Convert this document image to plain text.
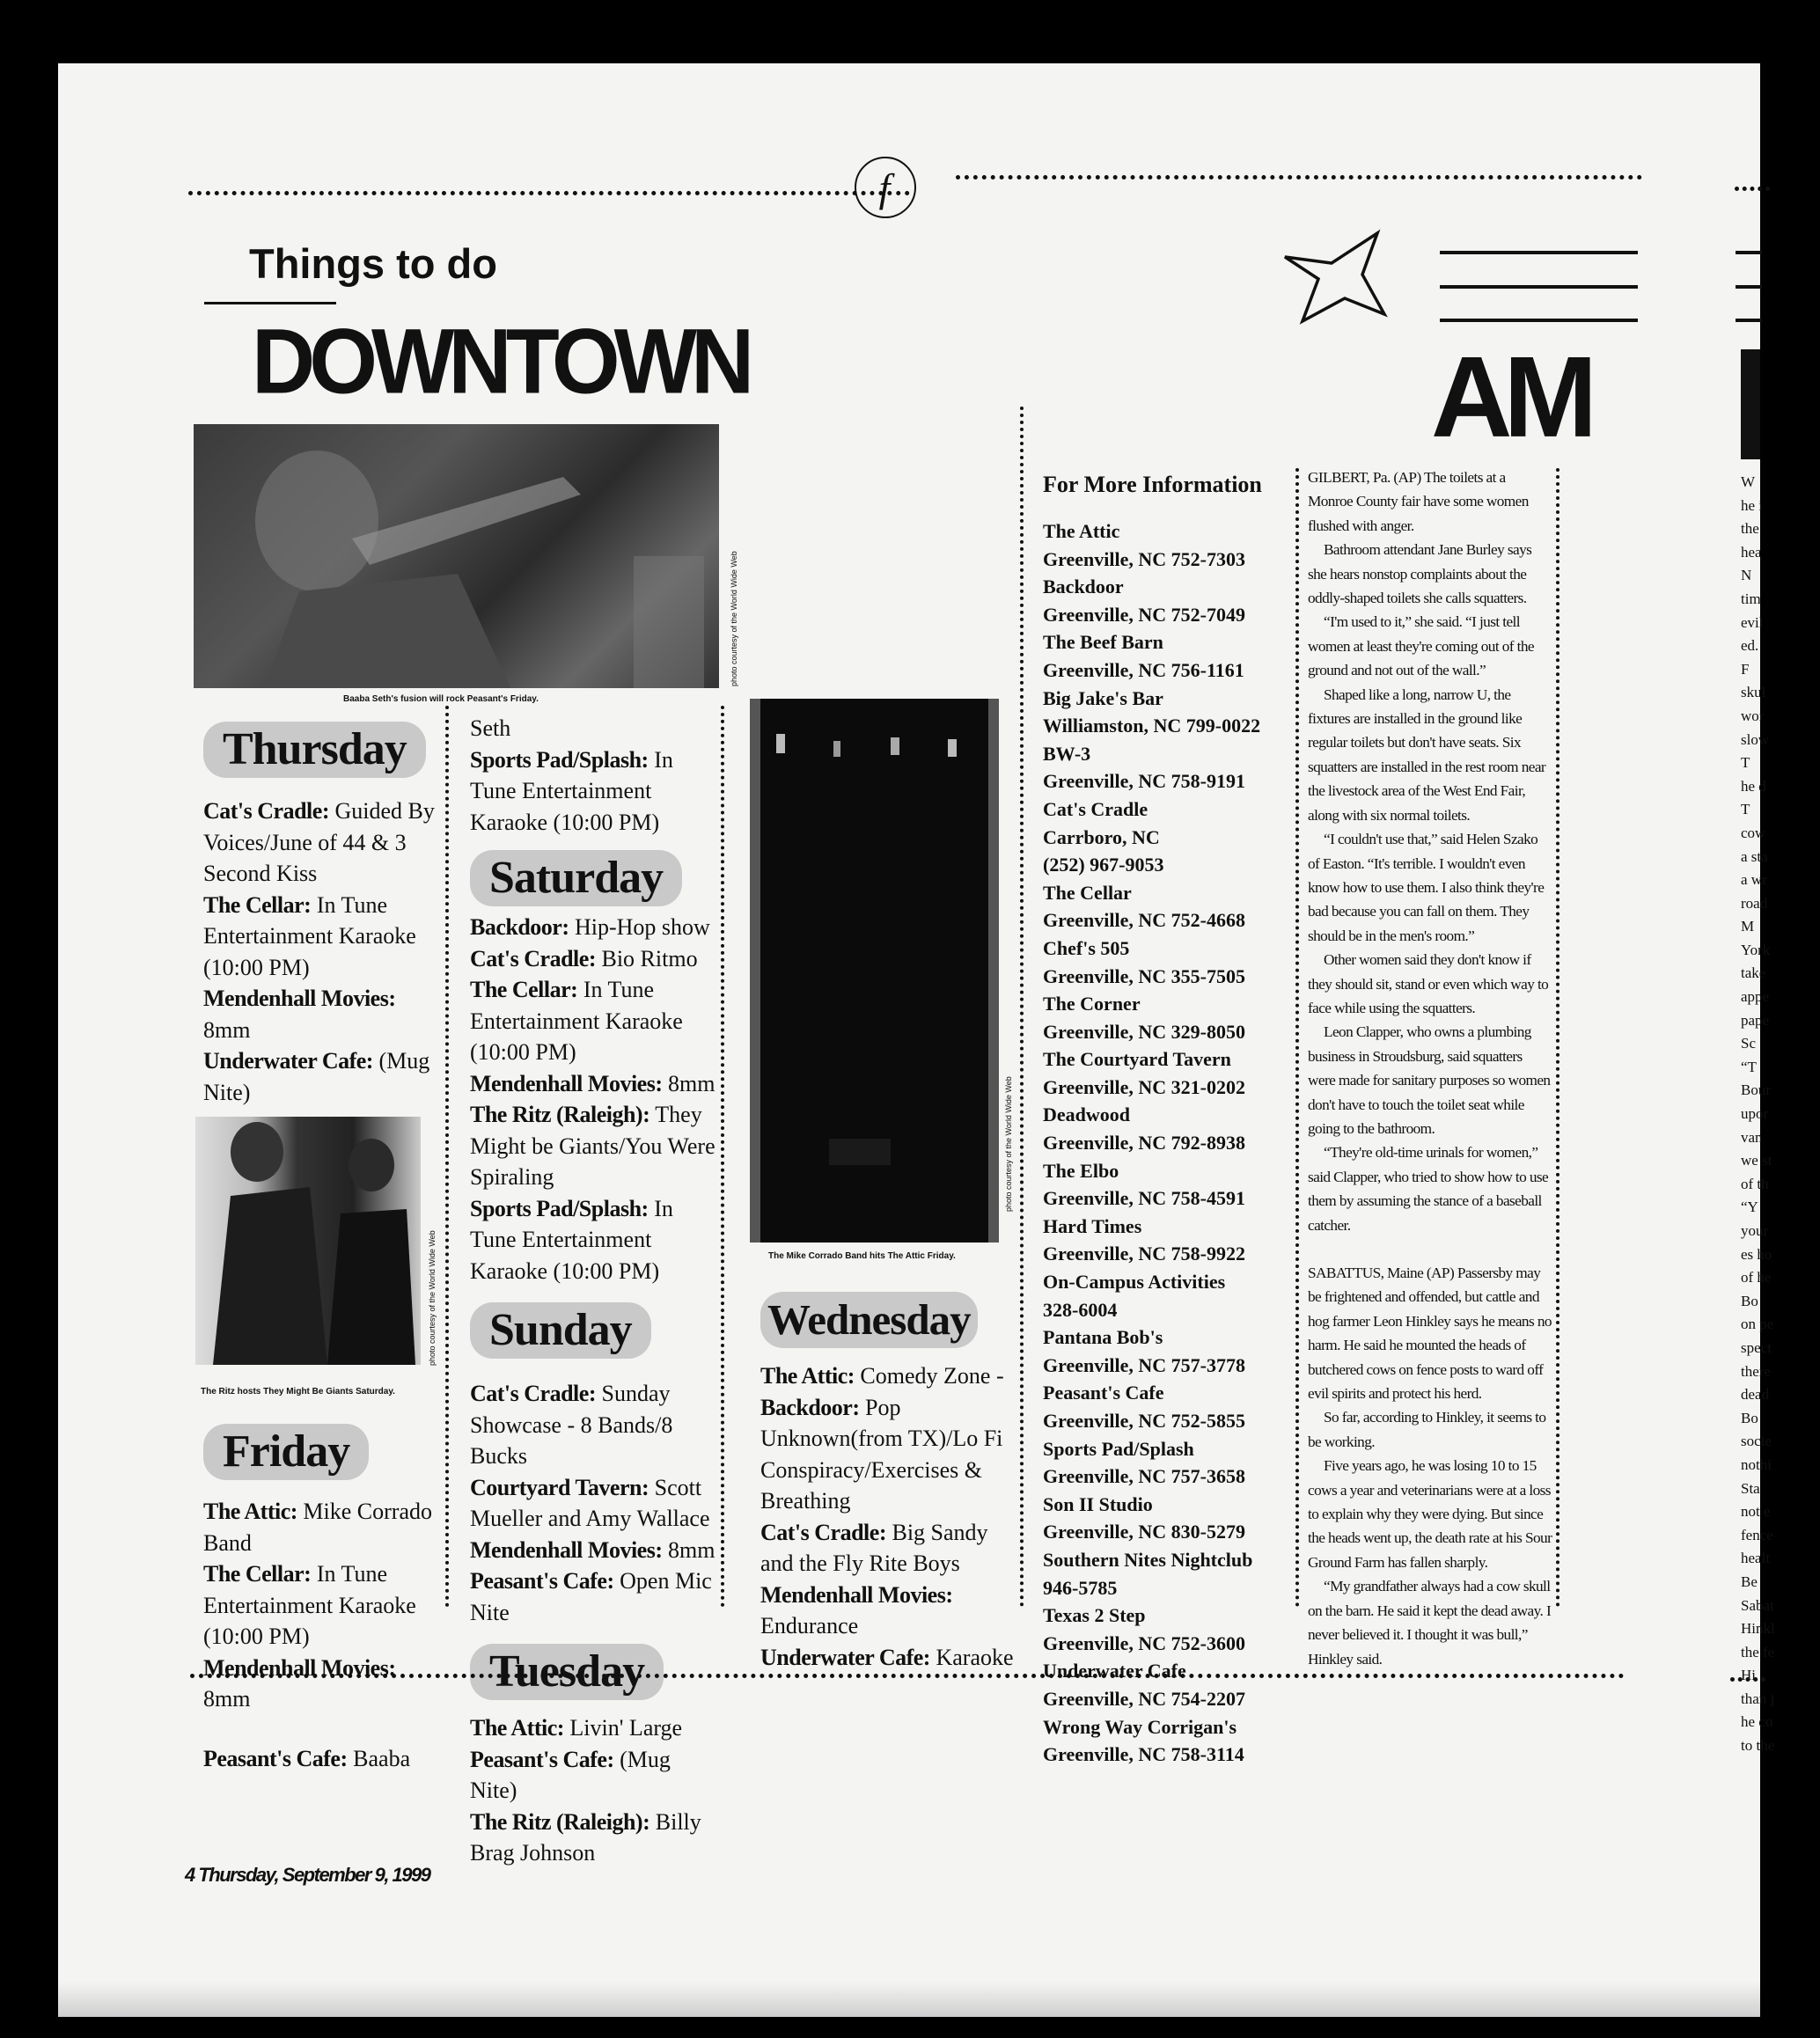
f
Things to do
DOWNTOWN
photo courtesy of the World Wide Web
Baaba Seth's fusion will rock Peasant's Friday.
Thursday

Cat's Cradle: Guided By Voices/June of 44 & 3 Second Kiss

The Cellar: In Tune Entertainment Karaoke (10:00 PM)

Mendenhall Movies: 8mm

Underwater Cafe: (Mug Nite)

photo courtesy of the World Wide Web
The Ritz hosts They Might Be Giants Saturday.
Friday

The Attic: Mike Corrado Band

The Cellar: In Tune Entertainment Karaoke (10:00 PM)

Mendenhall Movies: 8mm

Peasant's Cafe: Baaba

Seth

Sports Pad/Splash: In Tune Entertainment Karaoke (10:00 PM)

Saturday

Backdoor: Hip-Hop show

Cat's Cradle: Bio Ritmo

The Cellar: In Tune Entertainment Karaoke (10:00 PM)

Mendenhall Movies: 8mm

The Ritz (Raleigh): They Might be Giants/You Were Spiraling

Sports Pad/Splash: In Tune Entertainment Karaoke (10:00 PM)

Sunday

Cat's Cradle: Sunday Showcase - 8 Bands/8 Bucks

Courtyard Tavern: Scott Mueller and Amy Wallace

Mendenhall Movies: 8mm

Peasant's Cafe: Open Mic Nite

Tuesday

The Attic: Livin' Large

Peasant's Cafe: (Mug Nite)

The Ritz (Raleigh): Billy Brag Johnson

photo courtesy of the World Wide Web
The Mike Corrado Band hits The Attic Friday.
Wednesday

The Attic: Comedy Zone -

Backdoor: Pop Unknown(from TX)/Lo Fi Conspiracy/Exercises & Breathing

Cat's Cradle: Big Sandy and the Fly Rite Boys

Mendenhall Movies: Endurance

Underwater Cafe: Karaoke

For More Information

The Attic

Greenville, NC 752-7303

Backdoor

Greenville, NC 752-7049

The Beef Barn

Greenville, NC 756-1161

Big Jake's Bar

Williamston, NC 799-0022

BW-3

Greenville, NC 758-9191

Cat's Cradle

Carrboro, NC

(252) 967-9053

The Cellar

Greenville, NC 752-4668

Chef's 505

Greenville, NC 355-7505

The Corner

Greenville, NC 329-8050

The Courtyard Tavern

Greenville, NC 321-0202

Deadwood

Greenville, NC 792-8938

The Elbo

Greenville, NC 758-4591

Hard Times

Greenville, NC 758-9922

On-Campus Activities

328-6004

Pantana Bob's

Greenville, NC 757-3778

Peasant's Cafe

Greenville, NC 752-5855

Sports Pad/Splash

Greenville, NC 757-3658

Son II Studio

Greenville, NC 830-5279

Southern Nites Nightclub

946-5785

Texas 2 Step

Greenville, NC 752-3600

Underwater Cafe

Greenville, NC 754-2207

Wrong Way Corrigan's

Greenville, NC 758-3114

AM

GILBERT, Pa. (AP) The toilets at a Monroe County fair have some women flushed with anger.

Bathroom attendant Jane Burley says she hears nonstop complaints about the oddly-shaped toilets she calls squatters.

“I'm used to it,” she said. “I just tell women at least they're coming out of the ground and not out of the wall.”

Shaped like a long, narrow U, the fixtures are installed in the ground like regular toilets but don't have seats. Six squatters are installed in the rest room near the livestock area of the West End Fair, along with six normal toilets.

“I couldn't use that,” said Helen Szako of Easton. “It's terrible. I wouldn't even know how to use them. I also think they're bad because you can fall on them. They should be in the men's room.”

Other women said they don't know if they should sit, stand or even which way to face while using the squatters.

Leon Clapper, who owns a plumbing business in Stroudsburg, said squatters were made for sanitary purposes so women don't have to touch the toilet seat while going to the bathroom.

“They're old-time urinals for women,” said Clapper, who tried to show how to use them by assuming the stance of a baseball catcher.

SABATTUS, Maine (AP) Passersby may be frightened and offended, but cattle and hog farmer Leon Hinkley says he means no harm. He said he mounted the heads of butchered cows on fence posts to ward off evil spirits and protect his herd.

So far, according to Hinkley, it seems to be working.

Five years ago, he was losing 10 to 15 cows a year and veterinarians were at a loss to explain why they were dying. But since the heads went up, the death rate at his Sour Ground Farm has fallen sharply.

“My grandfather always had a cow skull on the barn. He said it kept the dead away. I never believed it. I thought it was bull,” Hinkley said.

W
he i
the
hea
N
tim
evil
ed.
F
skul
wor
slow
T
he d
T
cow
a sta
a wr
road
M
York
take
appe
pape
Sc
“T
Bour
upor
van
we st
of th
“Y
your
es ho
of he
Bo
on pe
spect
there
dead
Bo
socie
nothi
Sta
not e
fence
healt
Be
Sabat
Hinkl
the fe
Hi
than j
he co
to the
4 Thursday, September 9, 1999
